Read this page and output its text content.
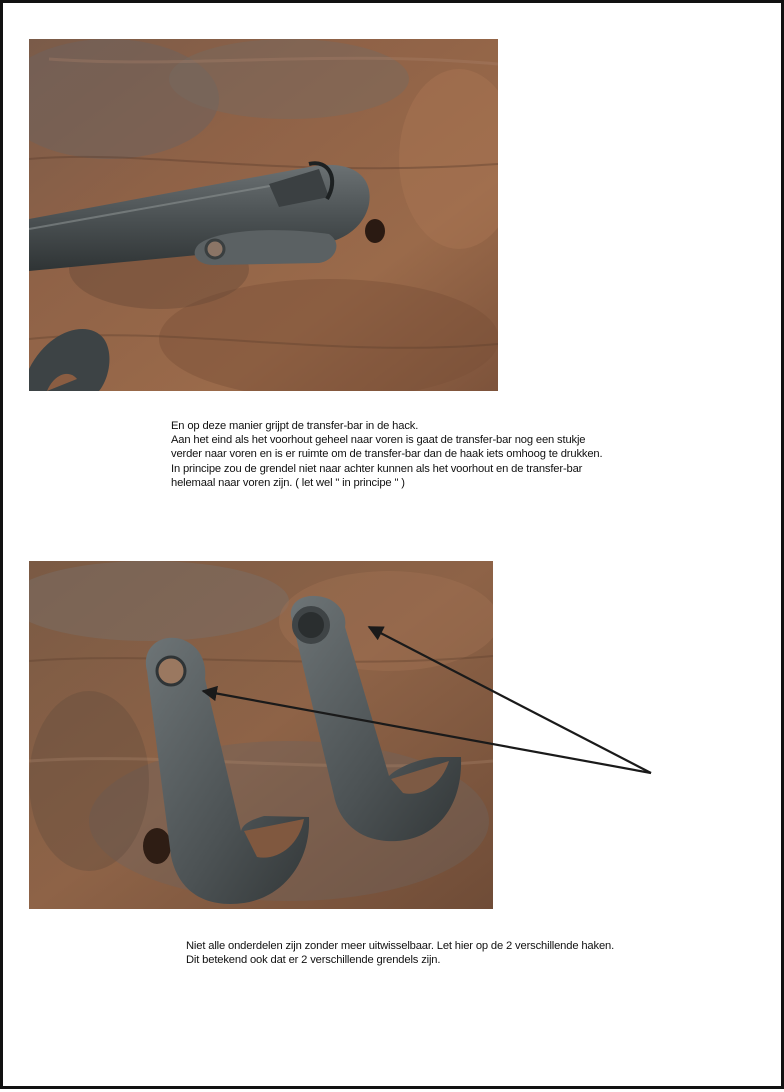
En op deze manier grijpt de transfer-bar in de hack.
Aan het eind als het voorhout geheel naar voren is gaat de transfer-bar nog een stukje
verder naar voren en is er ruimte om de transfer-bar dan de haak iets omhoog te drukken.
In principe zou de grendel niet naar achter kunnen als het voorhout en de transfer-bar
helemaal naar voren zijn. ( let wel " in principe " )
Niet alle onderdelen zijn zonder meer uitwisselbaar. Let hier op de 2 verschillende haken.
Dit betekend ook dat er 2 verschillende grendels zijn.
